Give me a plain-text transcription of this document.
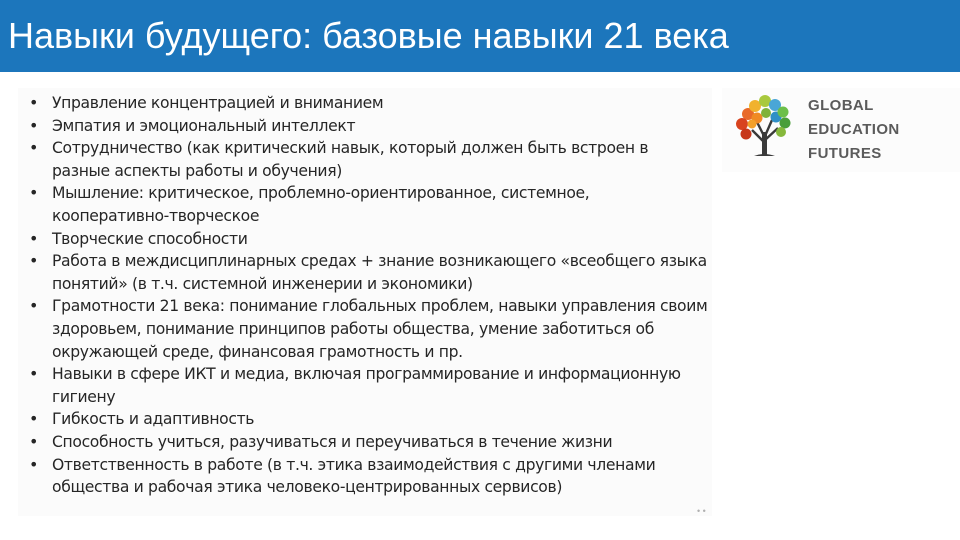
Навыки будущего: базовые навыки 21 века
• Управление концентрацией и вниманием
• Эмпатия и эмоциональный интеллект
• Сотрудничество (как критический навык, который должен быть встроен в разные аспекты работы и обучения)
• Мышление: критическое, проблемно-ориентированное, системное, кооперативно-творческое
• Творческие способности
• Работа в междисциплинарных средах + знание возникающего «всеобщего языка понятий» (в т.ч. системной инженерии и экономики)
• Грамотности 21 века: понимание глобальных проблем, навыки управления своим здоровьем, понимание принципов работы общества, умение заботиться об окружающей среде, финансовая грамотность и пр.
• Навыки в сфере ИКТ и медиа, включая программирование и информационную гигиену
• Гибкость и адаптивность
• Способность учиться, разучиваться и переучиваться в течение жизни
• Ответственность в работе (в т.ч. этика взаимодействия с другими членами общества и рабочая этика человеко-центрированных сервисов)
• •
GLOBAL
EDUCATION
FUTURES
